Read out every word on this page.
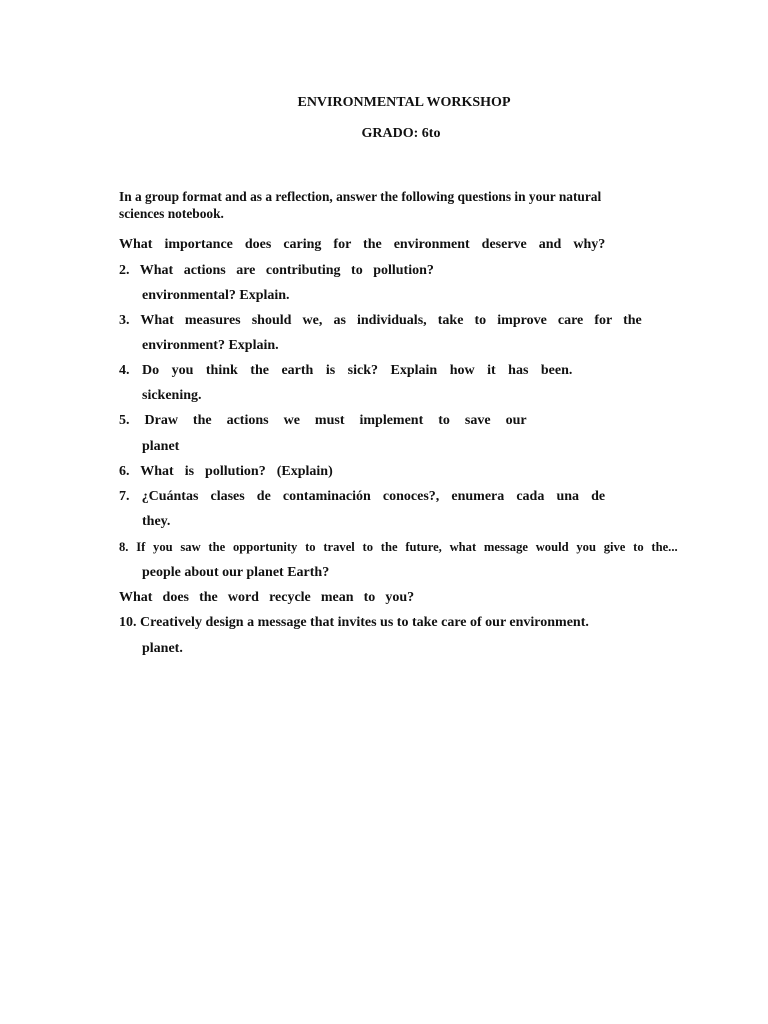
ENVIRONMENTAL WORKSHOP
GRADO: 6to
In a group format and as a reflection, answer the following questions in your natural sciences notebook.
What importance does caring for the environment deserve and why?
2. What actions are contributing to pollution?
environmental? Explain.
3. What measures should we, as individuals, take to improve care for the
environment? Explain.
4. Do you think the earth is sick? Explain how it has been.
sickening.
5. Draw the actions we must implement to save our
planet
6. What is pollution? (Explain)
7. ¿Cuántas clases de contaminación conoces?, enumera cada una de
they.
8. If you saw the opportunity to travel to the future, what message would you give to the...
people about our planet Earth?
What does the word recycle mean to you?
10. Creatively design a message that invites us to take care of our environment.
planet.
